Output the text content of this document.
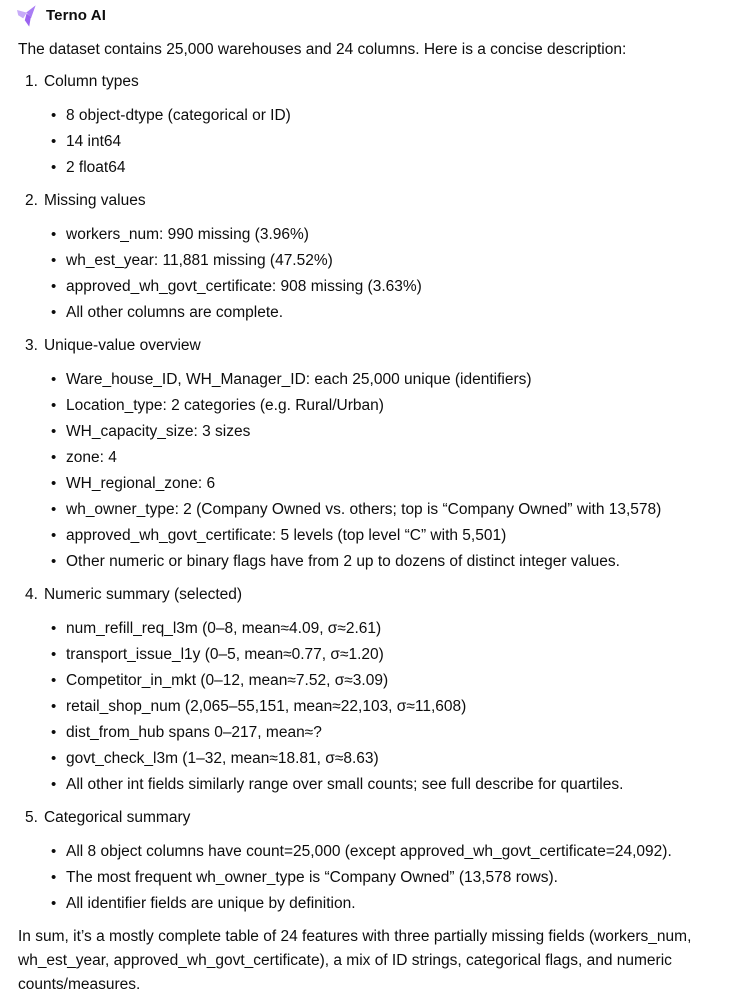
Terno AI

The dataset contains 25,000 warehouses and 24 columns. Here is a concise description:

1. Column types
• 8 object-dtype (categorical or ID)
• 14 int64
• 2 float64
2. Missing values
• workers_num: 990 missing (3.96%)
• wh_est_year: 11,881 missing (47.52%)
• approved_wh_govt_certificate: 908 missing (3.63%)
• All other columns are complete.
3. Unique-value overview
• Ware_house_ID, WH_Manager_ID: each 25,000 unique (identifiers)
• Location_type: 2 categories (e.g. Rural/Urban)
• WH_capacity_size: 3 sizes
• zone: 4
• WH_regional_zone: 6
• wh_owner_type: 2 (Company Owned vs. others; top is “Company Owned” with 13,578)
• approved_wh_govt_certificate: 5 levels (top level “C” with 5,501)
• Other numeric or binary flags have from 2 up to dozens of distinct integer values.
4. Numeric summary (selected)
• num_refill_req_l3m (0–8, mean≈4.09, σ≈2.61)
• transport_issue_l1y (0–5, mean≈0.77, σ≈1.20)
• Competitor_in_mkt (0–12, mean≈7.52, σ≈3.09)
• retail_shop_num (2,065–55,151, mean≈22,103, σ≈11,608)
• dist_from_hub spans 0–217, mean≈?
• govt_check_l3m (1–32, mean≈18.81, σ≈8.63)
• All other int fields similarly range over small counts; see full describe for quartiles.
5. Categorical summary
• All 8 object columns have count=25,000 (except approved_wh_govt_certificate=24,092).
• The most frequent wh_owner_type is “Company Owned” (13,578 rows).
• All identifier fields are unique by definition.

In sum, it’s a mostly complete table of 24 features with three partially missing fields (workers_num, wh_est_year, approved_wh_govt_certificate), a mix of ID strings, categorical flags, and numeric counts/measures.
